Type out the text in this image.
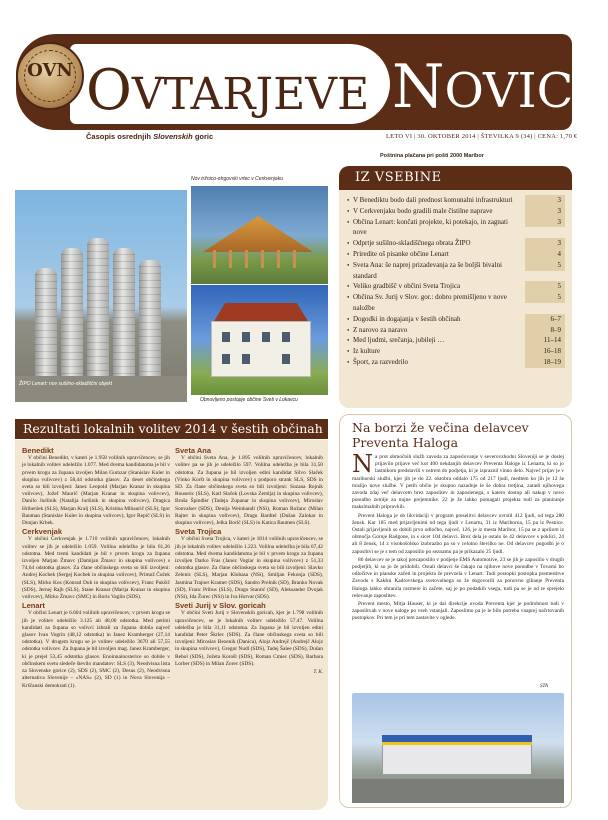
OVN OVTARJEVE NOVICE
Časopis osrednjih Slovenskih goric	LETO VI | 30. OKTOBER 2014 | ŠTEVILKA 9 (34) | CENA: 1,70 €
Poštnina plačana pri pošti 2000 Maribor
Nov tržnico-otrgovski vrtec v Cerkvenjaku
ŽIPO Lenart: nov sušilno-skladiščni objekt
Obnovljeno poslopje občine Sveti v Lokavcu
IZ VSEBINE
● V Benediktu bodo dali prednost komunalni infrastrukturi	3
● V Cerkvenjaku bodo gradili male čistilne naprave	3
● Občina Lenart: končati projekte, ki potekajo, in zagnati nove
3
● Odprtje sušilno-skladiščnega obrata ŽIPO	3
● Priredite oš pisanke občine Lenart	4
● Sveta Ana: še naprej prizadevanja za še boljši bivalni standard
5
● Veliko gradbišč v občini Sveta Trojica	5
● Občina Sv. Jurij v Slov. gor.: dobro premišljeno v nove naložbe
5
● Dogodki in dogajanja v šestih občinah	6–7
● Z narovo za naravo	8–9
● Med ljudmi, srečanja, jubileji …	11–14
● Iz kulture	16–18
● Šport, za razvedrilo	18–19
Rezultati lokalnih volitev 2014 v šestih občinah
Benedikt

V občini Benedikt, v kateri je 1.958 volilnih upravičencev, se jih je lokalnih volitev udeležilo 1.077. Med dvema kandidatoma je bil v prvem krogu za župana izvoljen Milan Gumzar (Stanislav Kuler in skupina volivcev) z 58,44 odstotka glasov. Za deset občinskega sveta so bili izvoljeni: Janez Leopold (Marjan Kranar in skupina volivcev), Jožef Maurič (Marjan Kranar in skupina volivcev), Danilo Juršinik (Natalija Juršinik in skupina volivcev), Dragica Hriberšek (SLS), Marjan Kralj (SLS), Kristina Mihaurič (SLS), Igor Bauman (Stanislav Kuler in skupina volivcev), Igor Repič (SLS) in Dunjan Krbek.

Cerkvenjak

V občini Cerkvenjak je 1.710 volilnih upravičencev, lokalnih volitev se jih je udeležilo 1.059. Volilna udeležba je bila 61,26 odstotna. Med tremi kandidati je bil v prvem krogu za župana izvoljen Marjan Žmavc (Damijan Žmavc in skupina volivcev) s 74,64 odstotka glasov. Za člane občinskega sveta so bili izvoljeni: Andrej Kocbek (Sergej Kocbek in skupina volivcev), Primož Čuček (SLS), Mirko Kos (Konrad Duh in skupina volivcev), Franc Pukšič (SDS), Jernej Rajh (SLS), Stane Kranar (Marija Kranar in skupina volivcev), Mirko Žmavc (SMC) in Boris Vaglin (SDS).

Lenart

V občini Lenart je 6.604 volilnih upravičencev, v prvem krogu se jih je volitev udeležilo 3.125 ali 48,00 odstotka. Med petimi kandidati za župana so volivci izbrali za župana dobila največ glasov Ivan Vogrin (48,12 odstotka) in Janez Kramberger (27,14 odstotka). V drugem krogu se je volitev udeležilo 3670 ali 57,55 odstotka volivcev. Za župana je bil izvoljen mag. Janez Kramberger, ki je prejel 53,45 odstotka glasov. Enoinnaincsterice so dobile v občinskem svetu sledeče število mandatov: SLS (3), Neodvisna lista za Slovenske gorice (2), SDS (2), SMC (2), Desus (2), Neodvisna alternativa Slovenije – »NAS« (2), SD (1) in Nova Slovenija – Krščanski demokrati (1).

Sveta Ana

V občini Sveta Ana, je 1.895 volilnih upravičencev, lokalnih volitev pa se jih je udeležilo 597. Volilna udeležba je bila 31,50 odstotna. Za župana je bil izvoljen edini kandidat Silvo Slaček (Vinko Koršt in skupina volivcev) s podporo strank SLS, SDS in SD. Za člane občinskega sveta so bili izvoljeni: Suzana Rojnik Rouseric (SLS), Karl Slaček (Lovska Zemlja) in skupina volivcev), Bruša Špindler (Tadeja Zupanar in skupina volivcev), Miroslav Sonvalser (SDS), Denija Weinhandl (NSi), Roman Rožanc (Milan Rajter in skupina volivcev), Dragu Bardtel (Dušan Zalokar in skupina volivcev), Jelka Borič (SLS) in Katica Baumen (SLS).

Sveta Trojica

V občini Sveta Trojica, v kateri je 1814 volilnih upravičencev, se jih je lokalnih volitev udeležilo 1.223. Volilna udeležba je bila 67,42 odstotna. Med dvema kandidatoma je bil v prvem krogu za župana izvoljen Darko Fras (Janez Voglar in skupina volivcev) z 51,33 odstotka glasov. Za člane občinskega sveta so bili izvoljeni: Slavko Zelenic (SLS), Marjan Klobasa (NSi), Smiljan Fekonja (SDS), Jasmina Trajner Kramer (SDS), Sandro Prelnik (SD), Branko Novak (SD), Franc Pribus (SLS), Drago Stantić (SD), Aleksander Dvojak (NSi), Ida Žurec (NSi) in Iva Horvat (SDS).

Sveti Jurij v Slov. goricah

V občini Sveti Jurij v Slovenskih goricah, kjer je 1.798 volilnih upravičencev, se je lokalnih volitev udeležilo 57.47. Volilna udeležba je bila 31,11 odstotna. Za župana je bil izvoljen edini kandidat Peter Škrlec (SDS). Za člane občinskega sveta so bili izvoljeni: Miroslav Bezenik (Danica), Alojz Andrejč (Andrejč Alojz in skupina volivcev), Gregor Nudl (SDS), Tadej Šalee (SDS), Dušan Rebol (SDS), Jožeta Korošl (SDS), Roman Cmiec (SDS), Barbara Lorber (SDS) in Milan Zorec (SDS).

T. K.
Na borzi že večina delavcev Preventa Haloga

Na prot območnih služb zavoda za zaposlovanje v severovzhodni Sloveniji se je doslej prijavilo prijave več kot 400 nekdanjih delavcev Preventa Haloge iz Lenarta, ki so jo lastnikom predstavili v ostrem do podjetja, ki je izpraznil vinno delo. Največ prijav je v mariborski službi, kjer jih je do 22. oktobra oddalo 175 od 217 ljudi, medtem ko jih je 12 še mislijo nove službe. V petih občin je skupno nazadnje le še dobra tretjina, zaradi njihovega zavoda zdaj več delavcem brez zaposlitev in zaposlenega, s katero dostop ali nakup v novo ponudbo zemlje za nujne prejemnike. 22 je že lahko pomagali projekta tudi za planiranje maksimalnih pripravkih.

Prevent Haloga je ob likvidaciji v program preselitvi delavcev uvrstil 412 ljudi, od tega 280 žensk. Kar 185 med prijavljenimi od tega ljudi v Lenartu, 31 iz Mariborna, 15 pa iz Pesnice. Ostali prijavljenih so dobili prvo odločbo, največ, 126, je iz mesta Maribor, 15 pa se z aprilom iz območja Gornje Radgone, in s sicer 104 delavci. Brez dela je ostalo še 42 delavcev s poklici, 24 ali 8 žensk, 14 z visokošolsko izobrazbo pa so v celotno številko ne. Od delavcev pogodbi je o zaposlitvi se je s tem od zaposlilo po seznamu pa je prikazalo 25 ljudi.

86 delavcev se je takoj prezaposlilo v podjetje EMS Automotive, 23 se jih je zaposlilo v drugih podjetjih, ki so jo že pridobili. Ostali delavci še čakajo na njihove nove ponudbe v Tovarni bo odločitve in planske začeti in projekta že prevzela v Lenart. Tudi postopki postopka premestitve Zavodu s Kakšni Kadrovskega svetovalnega so že dogovorili za ponovno gibanje Preventa Haloga lahko ohranila razmere in začete, saj je po podatkih vsega, tudi pa se je od te sprejelo reševanje zaposlitev.

Prevent mesto, Mitja Hauser, ki je dal direkcije uvoda Preventa kjer je podrobnost tudi v zaposlitvah v nove naloge po vseh vstanjali. Zaposlimo pa je le bilo potreba vnaprej načrtovanih postopkov. Pri tem je pri tem zastavite v oglede.

STA
